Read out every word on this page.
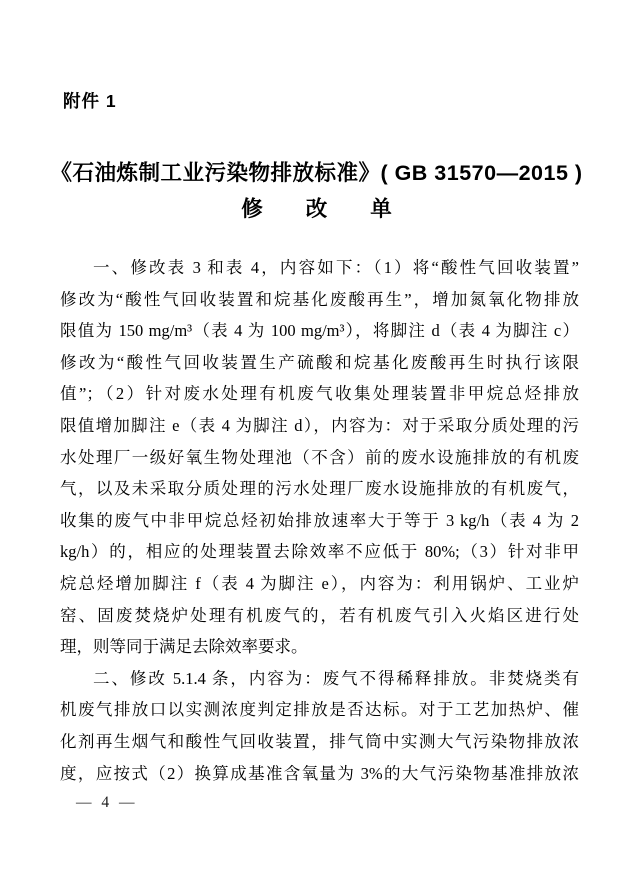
附件 1
《石油炼制工业污染物排放标准》( GB 31570—2015 )
修　　改　　单
一、修改表 3 和表 4，内容如下：（1）将“酸性气回收装置”
修改为“酸性气回收装置和烷基化废酸再生”，增加氮氧化物排放
限值为 150 mg/m³（表 4 为 100 mg/m³），将脚注 d（表 4 为脚注 c）
修改为“酸性气回收装置生产硫酸和烷基化废酸再生时执行该限
值”；（2）针对废水处理有机废气收集处理装置非甲烷总烃排放
限值增加脚注 e（表 4 为脚注 d），内容为：对于采取分质处理的污
水处理厂一级好氧生物处理池（不含）前的废水设施排放的有机废
气，以及未采取分质处理的污水处理厂废水设施排放的有机废气，
收集的废气中非甲烷总烃初始排放速率大于等于 3 kg/h（表 4 为 2
kg/h）的，相应的处理装置去除效率不应低于 80%;（3）针对非甲
烷总烃增加脚注 f（表 4 为脚注 e），内容为：利用锅炉、工业炉
窑、固废焚烧炉处理有机废气的，若有机废气引入火焰区进行处
理，则等同于满足去除效率要求。
二、修改 5.1.4 条，内容为：废气不得稀释排放。非焚烧类有
机废气排放口以实测浓度判定排放是否达标。对于工艺加热炉、催
化剂再生烟气和酸性气回收装置，排气筒中实测大气污染物排放浓
度，应按式（2）换算成基准含氧量为 3%的大气污染物基准排放浓
— 4 —
